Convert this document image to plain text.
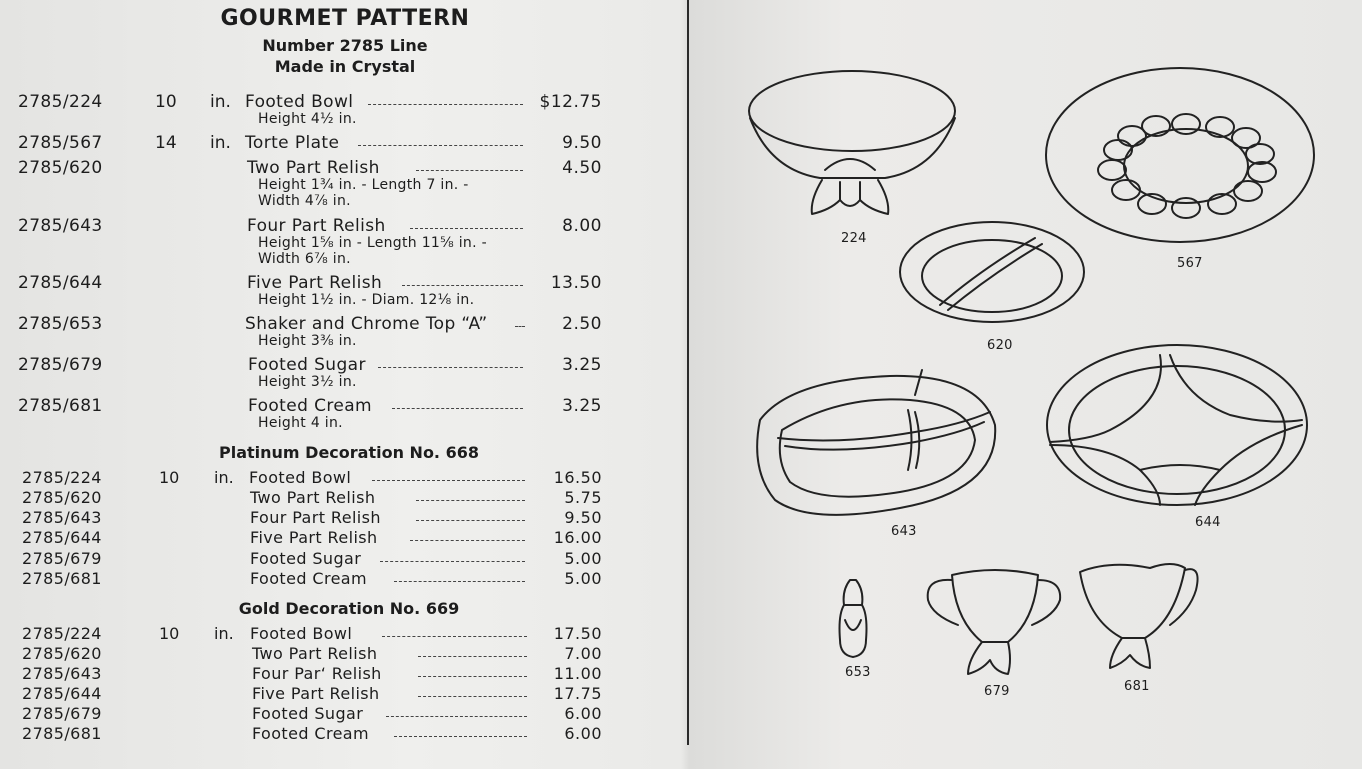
GOURMET PATTERN
Number 2785 Line
Made in Crystal
2785/224	10 in. Footed Bowl	$12.75
Height 4½ in.
2785/567	14 in. Torte Plate	9.50
2785/620	Two Part Relish	4.50
Height 1¾ in. - Length 7 in. -
Width 4⅞ in.
2785/643	Four Part Relish	8.00
Height 1⅝ in - Length 11⅝ in. -
Width 6⅞ in.
2785/644	Five Part Relish	13.50
Height 1½ in. - Diam. 12⅛ in.
2785/653	Shaker and Chrome Top “A”	2.50
Height 3⅜ in.
2785/679	Footed Sugar	3.25
Height 3½ in.
2785/681	Footed Cream	3.25
Height 4 in.
Platinum Decoration No. 668
2785/224	10 in. Footed Bowl	16.50
2785/620	Two Part Relish	5.75
2785/643	Four Part Relish	9.50
2785/644	Five Part Relish	16.00
2785/679	Footed Sugar	5.00
2785/681	Footed Cream	5.00
Gold Decoration No. 669
2785/224	10 in. Footed Bowl	17.50
2785/620	Two Part Relish	7.00
2785/643	Four Par‘ Relish	11.00
2785/644	Five Part Relish	17.75
2785/679	Footed Sugar	6.00
2785/681	Footed Cream	6.00
224
567
620
643
644
653
679	681
